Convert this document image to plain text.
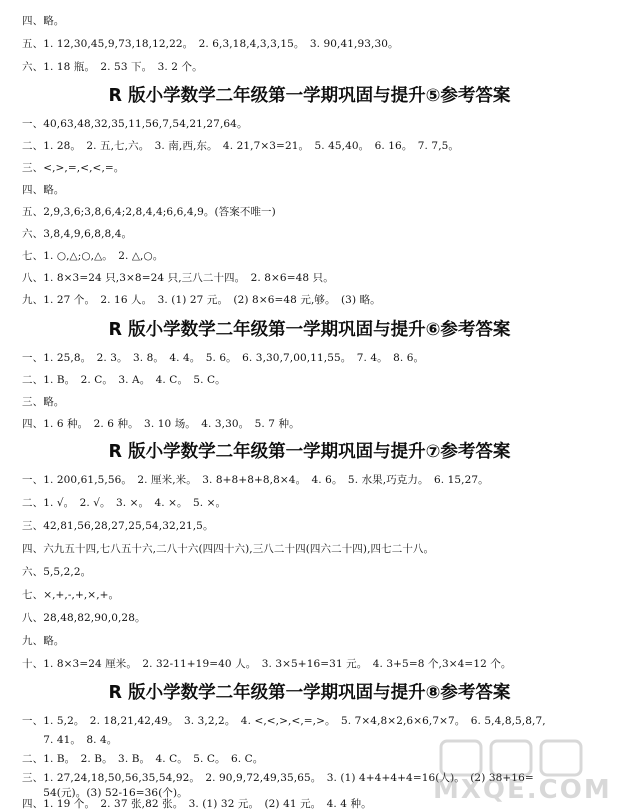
四、略。
五、1. 12,30,45,9,73,18,12,22。　2. 6,3,18,4,3,3,15。　3. 90,41,93,30。
六、1. 18 瓶。　2. 53 下。　3. 2 个。
R 版小学数学二年级第一学期巩固与提升⑤参考答案
一、40,63,48,32,35,11,56,7,54,21,27,64。
二、1. 28。　2. 五,七,六。　3. 南,西,东。　4. 21,7×3=21。　5. 45,40。　6. 16。　7. 7,5。
三、<,>,=,<,<,=。
四、略。
五、2,9,3,6;3,8,6,4;2,8,4,4;6,6,4,9。(答案不唯一)
六、3,8,4,9,6,8,8,4。
七、1. ○,△;○,△。　2. △,○。
八、1. 8×3=24 只,3×8=24 只,三八二十四。　2. 8×6=48 只。
九、1. 27 个。　2. 16 人。　3. (1) 27 元。　(2) 8×6=48 元,够。　(3) 略。
R 版小学数学二年级第一学期巩固与提升⑥参考答案
一、1. 25,8。　2. 3。　3. 8。　4. 4。　5. 6。　6. 3,30,7,00,11,55。　7. 4。　8. 6。
二、1. B。　2. C。　3. A。　4. C。　5. C。
三、略。
四、1. 6 种。　2. 6 种。　3. 10 场。　4. 3,30。　5. 7 种。
R 版小学数学二年级第一学期巩固与提升⑦参考答案
一、1. 200,61,5,56。　2. 厘米,米。　3. 8+8+8+8,8×4。　4. 6。　5. 水果,巧克力。　6. 15,27。
二、1. √。　2. √。　3. ×。　4. ×。　5. ×。
三、42,81,56,28,27,25,54,32,21,5。
四、六九五十四,七八五十六,二八十六(四四十六),三八二十四(四六二十四),四七二十八。
六、5,5,2,2。
七、×,+,-,+,×,+。
八、28,48,82,90,0,28。
九、略。
十、1. 8×3=24 厘米。　2. 32-11+19=40 人。　3. 3×5+16=31 元。　4. 3+5=8 个,3×4=12 个。
R 版小学数学二年级第一学期巩固与提升⑧参考答案
一、1. 5,2。　2. 18,21,42,49。　3. 3,2,2。　4. <,<,>,<,=,>。　5. 7×4,8×2,6×6,7×7。　6. 5,4,8,5,8,7,
　　7. 41。　8. 4。
二、1. B。　2. B。　3. B。　4. C。　5. C。　6. C。
三、1. 27,24,18,50,56,35,54,92。　2. 90,9,72,49,35,65。　3. (1) 4+4+4+4=16(人)。　(2) 38+16=
　　54(元)。(3) 52-16=36(个)。
四、1. 19 个。　2. 37 张,82 张。　3. (1) 32 元。　(2) 41 元。　4. 4 种。	MXQE.COM
